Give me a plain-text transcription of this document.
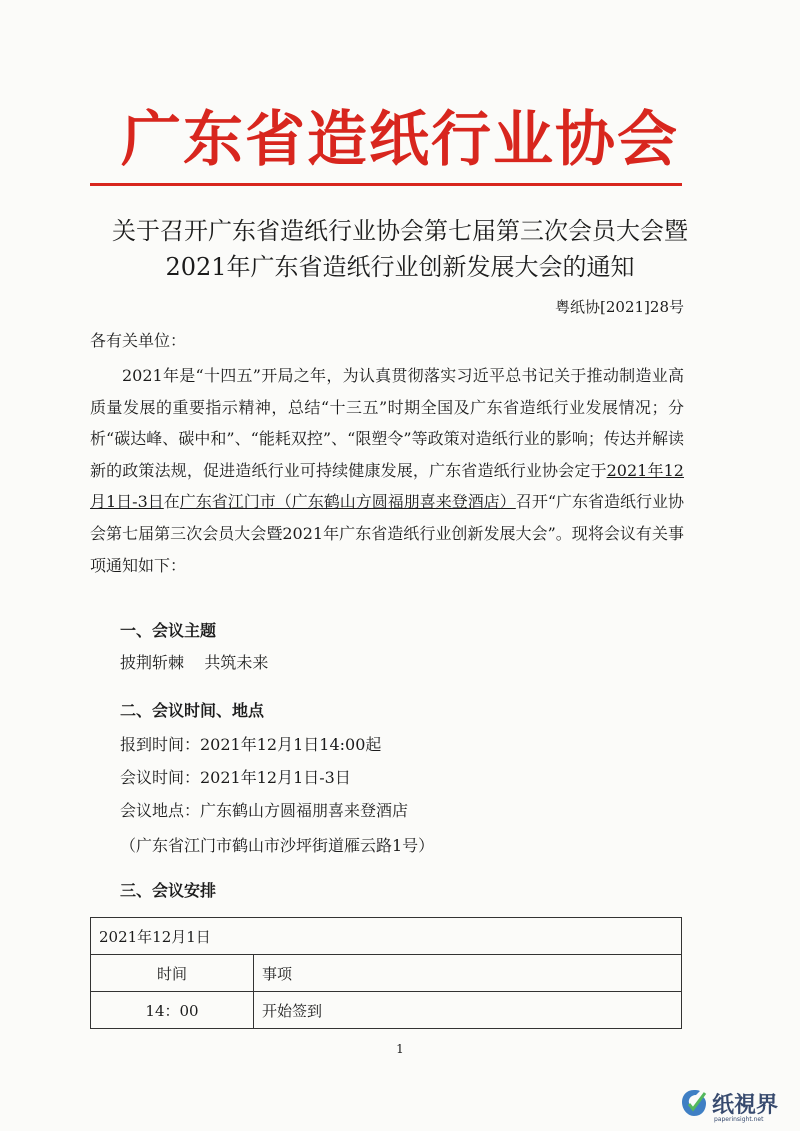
广东省造纸行业协会
关于召开广东省造纸行业协会第七届第三次会员大会暨
2021年广东省造纸行业创新发展大会的通知
粤纸协[2021]28号
各有关单位：
2021年是“十四五”开局之年，为认真贯彻落实习近平总书记关于推动制造业高质量发展的重要指示精神，总结“十三五”时期全国及广东省造纸行业发展情况；分析“碳达峰、碳中和”、“能耗双控”、“限塑令”等政策对造纸行业的影响；传达并解读新的政策法规，促进造纸行业可持续健康发展，广东省造纸行业协会定于2021年12月1日-3日在广东省江门市（广东鹤山方圆福朋喜来登酒店）召开“广东省造纸行业协会第七届第三次会员大会暨2021年广东省造纸行业创新发展大会”。现将会议有关事项通知如下：
一、会议主题
披荆斩棘    共筑未来
二、会议时间、地点
报到时间：2021年12月1日14:00起
会议时间：2021年12月1日-3日
会议地点：广东鹤山方圆福朋喜来登酒店
（广东省江门市鹤山市沙坪街道雁云路1号）
三、会议安排
2021年12月1日	
时间	事项
14：00	开始签到
1
纸視界
paperinsight.net
